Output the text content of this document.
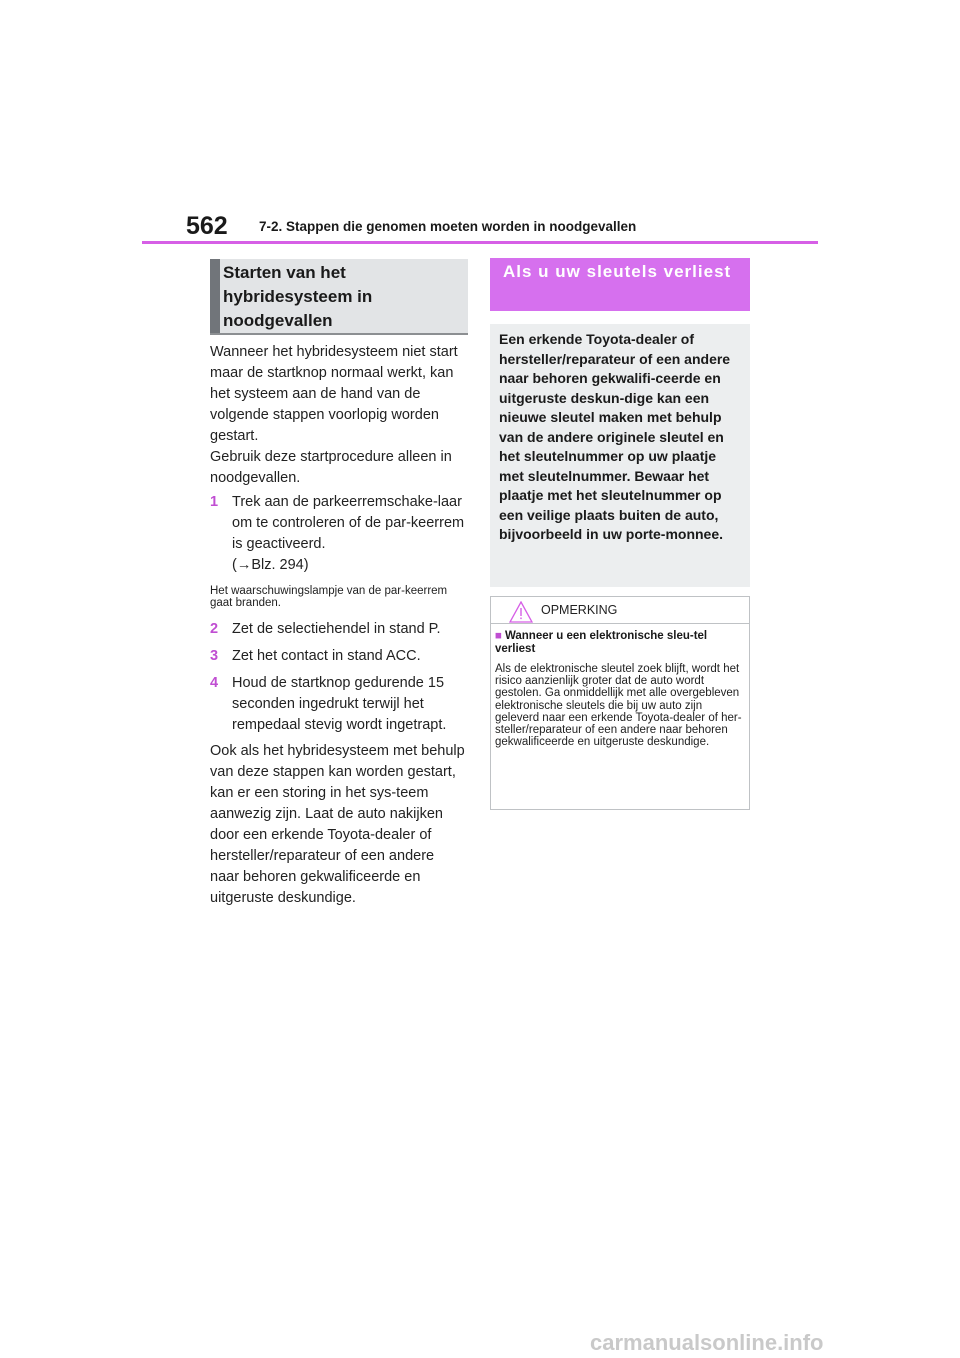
562 7-2. Stappen die genomen moeten worden in noodgevallen
Starten van het hybridesysteem in noodgevallen
Wanneer het hybridesysteem niet start maar de startknop normaal werkt, kan het systeem aan de hand van de volgende stappen voorlopig worden gestart.
Gebruik deze startprocedure alleen in noodgevallen.
1 Trek aan de parkeerremschake-laar om te controleren of de par-keerrem is geactiveerd.
(→Blz. 294)
Het waarschuwingslampje van de par-keerrem gaat branden.
2 Zet de selectiehendel in stand P.
3 Zet het contact in stand ACC.
4 Houd de startknop gedurende 15 seconden ingedrukt terwijl het rempedaal stevig wordt ingetrapt.
Ook als het hybridesysteem met behulp van deze stappen kan worden gestart, kan er een storing in het sys-teem aanwezig zijn. Laat de auto nakijken door een erkende Toyota-dealer of hersteller/reparateur of een andere naar behoren gekwalificeerde en uitgeruste deskundige.
Als u uw sleutels verliest
Een erkende Toyota-dealer of hersteller/reparateur of een andere naar behoren gekwalifi-ceerde en uitgeruste deskun-dige kan een nieuwe sleutel maken met behulp van de andere originele sleutel en het sleutelnummer op uw plaatje met sleutelnummer. Bewaar het plaatje met het sleutelnummer op een veilige plaats buiten de auto, bijvoorbeeld in uw porte-monnee.
OPMERKING
■ Wanneer u een elektronische sleu-tel verliest
Als de elektronische sleutel zoek blijft, wordt het risico aanzienlijk groter dat de auto wordt gestolen. Ga onmiddellijk met alle overgebleven elektronische sleutels die bij uw auto zijn geleverd naar een erkende Toyota-dealer of her-steller/reparateur of een andere naar behoren gekwalificeerde en uitgeruste deskundige.
carmanualsonline.info
